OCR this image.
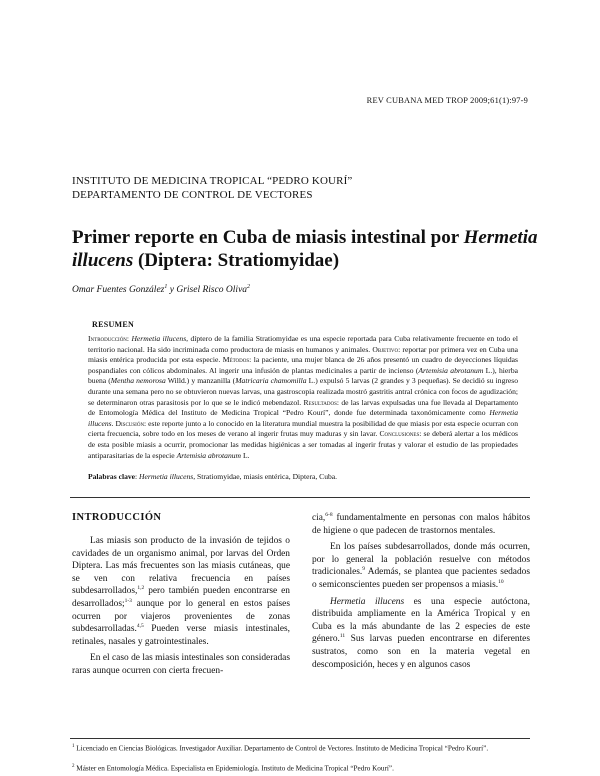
REV CUBANA MED TROP 2009;61(1):97-9
INSTITUTO DE MEDICINA TROPICAL “PEDRO KOURÍ”
DEPARTAMENTO DE CONTROL DE VECTORES
Primer reporte en Cuba de miasis intestinal por Hermetia illucens (Diptera: Stratiomyidae)
Omar Fuentes González$^1$ y Grisel Risco Oliva$^2$
RESUMEN
Introducción: Hermetia illucens, díptero de la familia Stratiomyidae es una especie reportada para Cuba relativamente frecuente en todo el territorio nacional. Ha sido incriminada como productora de miasis en humanos y animales. Objetivo: reportar por primera vez en Cuba una miasis entérica producida por esta especie. Métodos: la paciente, una mujer blanca de 26 años presentó un cuadro de deyecciones líquidas pospandiales con cólicos abdominales. Al ingerir una infusión de plantas medicinales a partir de incienso (Artemisia abrotanum L.), hierba buena (Mentha nemorosa Willd.) y manzanilla (Matricaria chamomilla L.) expulsó 5 larvas (2 grandes y 3 pequeñas). Se decidió su ingreso durante una semana pero no se obtuvieron nuevas larvas, una gastroscopia realizada mostró gastritis antral crónica con focos de agudización; se determinaron otras parasitosis por lo que se le indicó mebendazol. Resultados: de las larvas expulsadas una fue llevada al Departamento de Entomología Médica del Instituto de Medicina Tropical “Pedro Kourí”, donde fue determinada taxonómicamente como Hermetia illucens. Discusión: este reporte junto a lo conocido en la literatura mundial muestra la posibilidad de que miasis por esta especie ocurran con cierta frecuencia, sobre todo en los meses de verano al ingerir frutas muy maduras y sin lavar. Conclusiones: se deberá alertar a los médicos de esta posible miasis a ocurrir, promocionar las medidas higiénicas a ser tomadas al ingerir frutas y valorar el estudio de las propiedades antiparasitarias de la especie Artemisia abrotanum L.
Palabras clave: Hermetia illucens, Stratiomyidae, miasis entérica, Diptera, Cuba.
INTRODUCCIÓN

Las miasis son producto de la invasión de tejidos o cavidades de un organismo animal, por larvas del Orden Diptera. Las más frecuentes son las miasis cutáneas, que se ven con relativa frecuencia en países subdesarrollados,$^{1,2}$ pero también pueden encontrarse en desarrollados;$^{1-3}$ aunque por lo general en estos países ocurren por viajeros provenientes de zonas subdesarrolladas.$^{4,5}$ Pueden verse miasis intestinales, retinales, nasales y gatrointestinales.

En el caso de las miasis intestinales son consideradas raras aunque ocurren con cierta frecuen-

cia,$^{6-8}$ fundamentalmente en personas con malos hábitos de higiene o que padecen de trastornos mentales.

En los países subdesarrollados, donde más ocurren, por lo general la población resuelve con métodos tradicionales.$^9$ Además, se plantea que pacientes sedados o semiconscientes pueden ser propensos a miasis.$^{10}$

Hermetia illucens es una especie autóctona, distribuida ampliamente en la América Tropical y en Cuba es la más abundante de las 2 especies de este género.$^{11}$ Sus larvas pueden encontrarse en diferentes sustratos, como son en la materia vegetal en descomposición, heces y en algunos casos

$^1$ Licenciado en Ciencias Biológicas. Investigador Auxiliar. Departamento de Control de Vectores. Instituto de Medicina Tropical “Pedro Kourí”.
$^2$ Máster en Entomología Médica. Especialista en Epidemiología. Instituto de Medicina Tropical “Pedro Kourí”.
